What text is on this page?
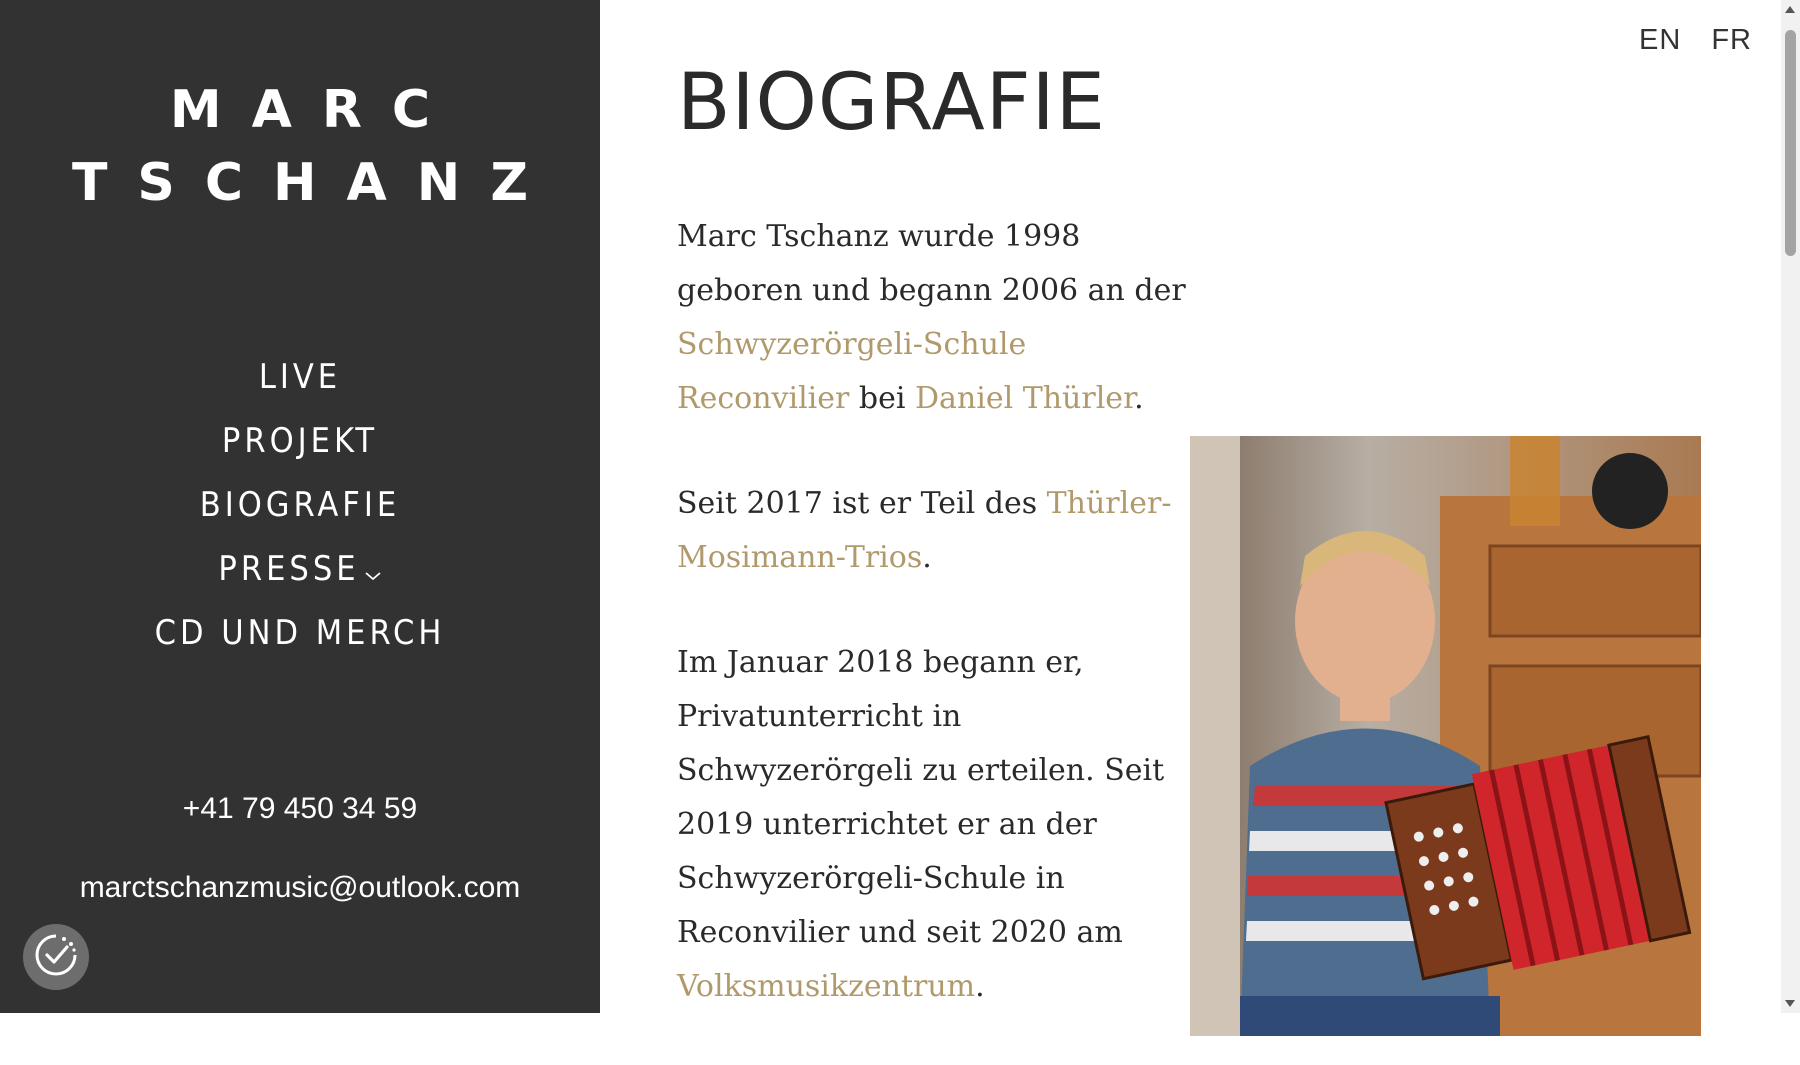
MARC
TSCHANZ
LIVE
PROJEKT
BIOGRAFIE
PRESSE
CD UND MERCH
+41 79 450 34 59
marctschanzmusic@outlook.com
EN FR
BIOGRAFIE

Marc Tschanz wurde 1998 geboren und begann 2006 an der Schwyzerörgeli-Schule Reconvilier bei Daniel Thürler.

Seit 2017 ist er Teil des Thürler-Mosimann-Trios.

Im Januar 2018 begann er, Privatunterricht in Schwyzerörgeli zu erteilen. Seit 2019 unterrichtet er an der Schwyzerörgeli-Schule in Reconvilier und seit 2020 am Volksmusikzentrum.
